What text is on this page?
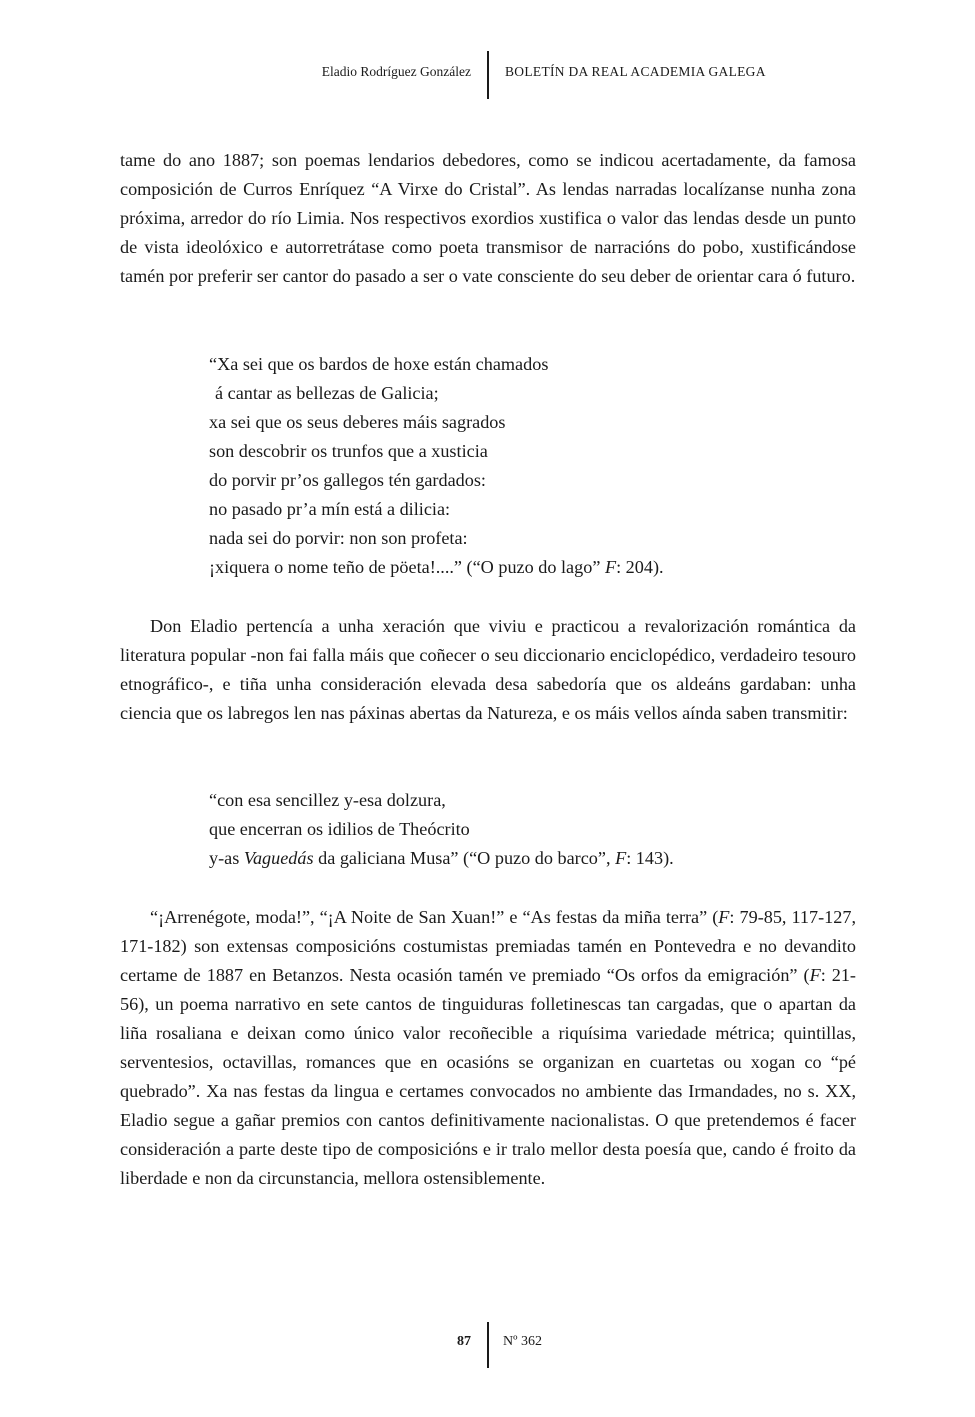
Eladio Rodríguez González	BOLETÍN DA REAL ACADEMIA GALEGA

tame do ano 1887; son poemas lendarios debedores, como se indicou acertadamente, da famosa composición de Curros Enríquez “A Virxe do Cristal”. As lendas narradas localízanse nunha zona próxima, arredor do río Limia. Nos respectivos exordios xustifica o valor das lendas desde un punto de vista ideolóxico e autorretrátase como poeta transmisor de narracións do pobo, xustificándose tamén por preferir ser cantor do pasado a ser o vate consciente do seu deber de orientar cara ó futuro.

“Xa sei que os bardos de hoxe están chamados
á cantar as bellezas de Galicia;
xa sei que os seus deberes máis sagrados
son descobrir os trunfos que a xusticia
do porvir pr’os gallegos tén gardados:
no pasado pr’a mín está a dilicia:
nada sei do porvir: non son profeta:
¡xiquera o nome teño de pöeta!....” (“O puzo do lago” F: 204).

Don Eladio pertencía a unha xeración que viviu e practicou a revalorización romántica da literatura popular -non fai falla máis que coñecer o seu diccionario enciclopédico, verdadeiro tesouro etnográfico-, e tiña unha consideración elevada desa sabedoría que os aldeáns gardaban: unha ciencia que os labregos len nas páxinas abertas da Natureza, e os máis vellos aínda saben transmitir:

“con esa sencillez y-esa dolzura,
que encerran os idilios de Theócrito
y-as Vaguedás da galiciana Musa” (“O puzo do barco”, F: 143).

“¡Arrenégote, moda!”, “¡A Noite de San Xuan!” e “As festas da miña terra” (F: 79-85, 117-127, 171-182) son extensas composicións costumistas premiadas tamén en Pontevedra e no devandito certame de 1887 en Betanzos. Nesta ocasión tamén ve premiado “Os orfos da emigración” (F: 21-56), un poema narrativo en sete cantos de tinguiduras folletinescas tan cargadas, que o apartan da liña rosaliana e deixan como único valor recoñecible a riquísima variedade métrica; quintillas, serventesios, octavillas, romances que en ocasións se organizan en cuartetas ou xogan co “pé quebrado”. Xa nas festas da lingua e certames convocados no ambiente das Irmandades, no s. XX, Eladio segue a gañar premios con cantos definitivamente nacionalistas. O que pretendemos é facer consideración a parte deste tipo de composicións e ir tralo mellor desta poesía que, cando é froito da liberdade e non da circunstancia, mellora ostensiblemente.

87 Nº 362
